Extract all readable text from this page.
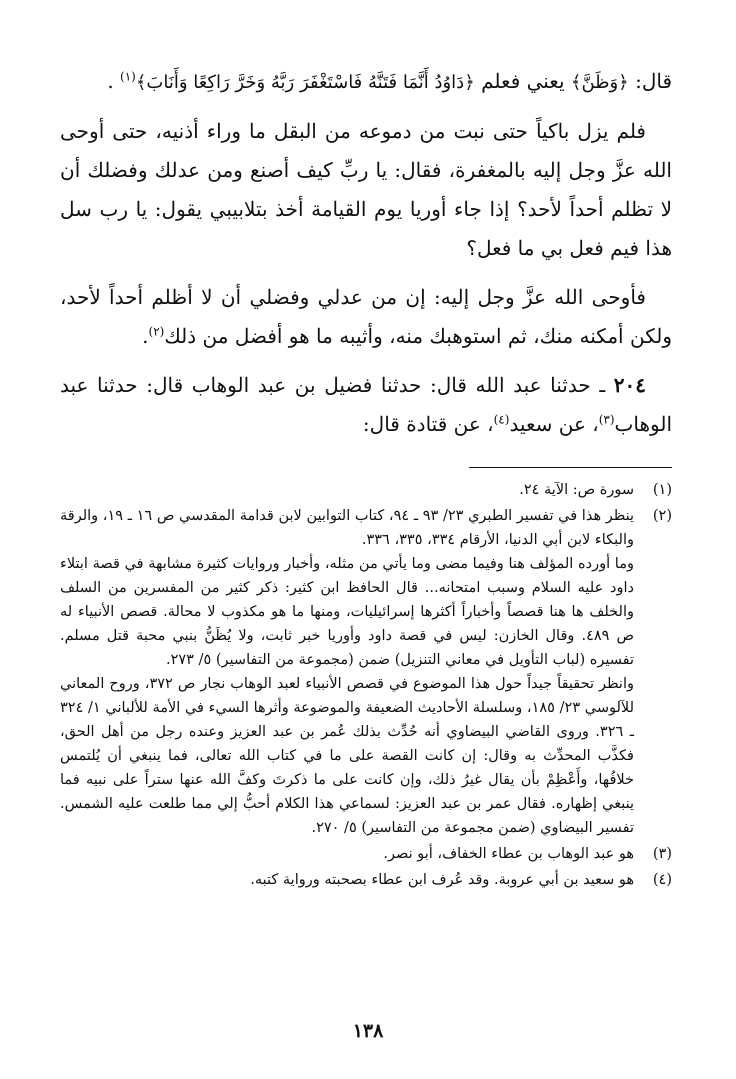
قال: ﴿وَظَنَّ﴾ يعني فعلم ﴿دَاوُدُ أَنَّمَا فَتَنَّهُ فَاسْتَغْفَرَ رَبَّهُ وَخَرَّ رَاكِعًا وَأَنَابَ﴾$^{(١)}$ .

فلم يزل باكياً حتى نبت من دموعه من البقل ما وراء أذنيه، حتى أوحى الله عزَّ وجل إليه بالمغفرة، فقال: يا ربِّ كيف أصنع ومن عدلك وفضلك أن لا تظلم أحداً لأحد؟ إذا جاء أوريا يوم القيامة أخذ بتلابيبي يقول: يا رب سل هذا فيم فعل بي ما فعل؟

فأوحى الله عزَّ وجل إليه: إن من عدلي وفضلي أن لا أظلم أحداً لأحد، ولكن أمكنه منك، ثم استوهبك منه، وأثيبه ما هو أفضل من ذلك$^{(٢)}$.

٢٠٤ ـ حدثنا عبد الله قال: حدثنا فضيل بن عبد الوهاب قال: حدثنا عبد الوهاب$^{(٣)}$، عن سعيد$^{(٤)}$، عن قتادة قال:

(١)

سورة ص: الآية ٢٤.

(٢)

ينظر هذا في تفسير الطبري ٢٣/ ٩٣ ـ ٩٤، كتاب التوابين لابن قدامة المقدسي ص ١٦ ـ ١٩، والرقة والبكاء لابن أبي الدنيا، الأرقام ٣٣٤، ٣٣٥، ٣٣٦.

وما أورده المؤلف هنا وفيما مضى وما يأتي من مثله، وأخبار وروايات كثيرة مشابهة في قصة ابتلاء داود عليه السلام وسبب امتحانه... قال الحافظ ابن كثير: ذكر كثير من المفسرين من السلف والخلف ها هنا قصصاً وأخباراً أكثرها إسرائيليات، ومنها ما هو مكذوب لا محالة. قصص الأنبياء له ص ٤٨٩. وقال الخازن: ليس في قصة داود وأوريا خبر ثابت، ولا يُظَنُّ بنبي محبة قتل مسلم. تفسيره (لباب التأويل في معاني التنزيل) ضمن (مجموعة من التفاسير) ٥/ ٢٧٣.

وانظر تحقيقاً جيداً حول هذا الموضوع في قصص الأنبياء لعبد الوهاب نجار ص ٣٧٢، وروح المعاني للآلوسي ٢٣/ ١٨٥، وسلسلة الأحاديث الضعيفة والموضوعة وأثرها السيء في الأمة للألباني ١/ ٣٢٤ ـ ٣٢٦. وروى القاضي البيضاوي أنه حُدِّث بذلك عُمر بن عبد العزيز وعنده رجل من أهل الحق، فكذَّب المحدِّث به وقال: إن كانت القصة على ما في كتاب الله تعالى، فما ينبغي أن يُلتمس خلافُها، وأَعْظِمْ بأن يقال غيرُ ذلك، وإن كانت على ما ذكرتَ وكفَّ الله عنها ستراً على نبيه فما ينبغي إظهاره. فقال عمر بن عبد العزيز: لسماعي هذا الكلام أحبُّ إلي مما طلعت عليه الشمس. تفسير البيضاوي (ضمن مجموعة من التفاسير) ٥/ ٢٧٠.

(٣)

هو عبد الوهاب بن عطاء الخفاف، أبو نصر.

(٤)

هو سعيد بن أبي عروبة. وقد عُرف ابن عطاء بصحبته ورواية كتبه.

١٣٨
